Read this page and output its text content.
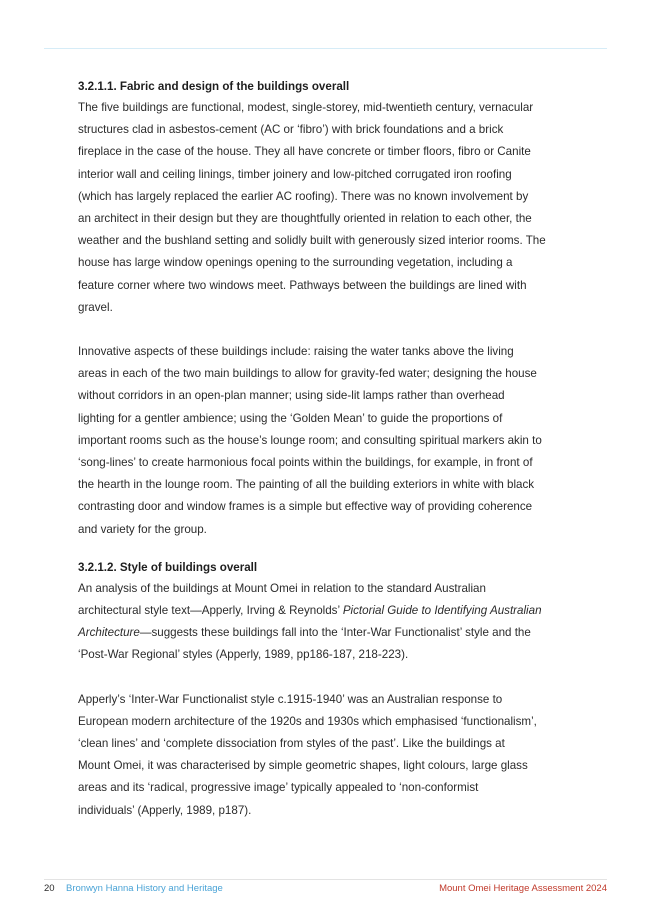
3.2.1.1. Fabric and design of the buildings overall

The five buildings are functional, modest, single-storey, mid-twentieth century, vernacular
structures clad in asbestos-cement (AC or ‘fibro’) with brick foundations and a brick
fireplace in the case of the house. They all have concrete or timber floors, fibro or Canite
interior wall and ceiling linings, timber joinery and low-pitched corrugated iron roofing
(which has largely replaced the earlier AC roofing). There was no known involvement by
an architect in their design but they are thoughtfully oriented in relation to each other, the
weather and the bushland setting and solidly built with generously sized interior rooms. The
house has large window openings opening to the surrounding vegetation, including a
feature corner where two windows meet. Pathways between the buildings are lined with
gravel.

Innovative aspects of these buildings include: raising the water tanks above the living
areas in each of the two main buildings to allow for gravity-fed water; designing the house
without corridors in an open-plan manner; using side-lit lamps rather than overhead
lighting for a gentler ambience; using the ‘Golden Mean’ to guide the proportions of
important rooms such as the house’s lounge room; and consulting spiritual markers akin to
‘song-lines’ to create harmonious focal points within the buildings, for example, in front of
the hearth in the lounge room. The painting of all the building exteriors in white with black
contrasting door and window frames is a simple but effective way of providing coherence
and variety for the group.

3.2.1.2. Style of buildings overall

An analysis of the buildings at Mount Omei in relation to the standard Australian
architectural style text—Apperly, Irving & Reynolds’ Pictorial Guide to Identifying Australian
Architecture—suggests these buildings fall into the ‘Inter-War Functionalist’ style and the
‘Post-War Regional’ styles (Apperly, 1989, pp186-187, 218-223).

Apperly’s ‘Inter-War Functionalist style c.1915-1940’ was an Australian response to
European modern architecture of the 1920s and 1930s which emphasised ‘functionalism’,
‘clean lines’ and ‘complete dissociation from styles of the past’. Like the buildings at
Mount Omei, it was characterised by simple geometric shapes, light colours, large glass
areas and its ‘radical, progressive image’ typically appealed to ‘non-conformist
individuals’ (Apperly, 1989, p187).

20 Bronwyn Hanna History and Heritage	Mount Omei Heritage Assessment 2024
